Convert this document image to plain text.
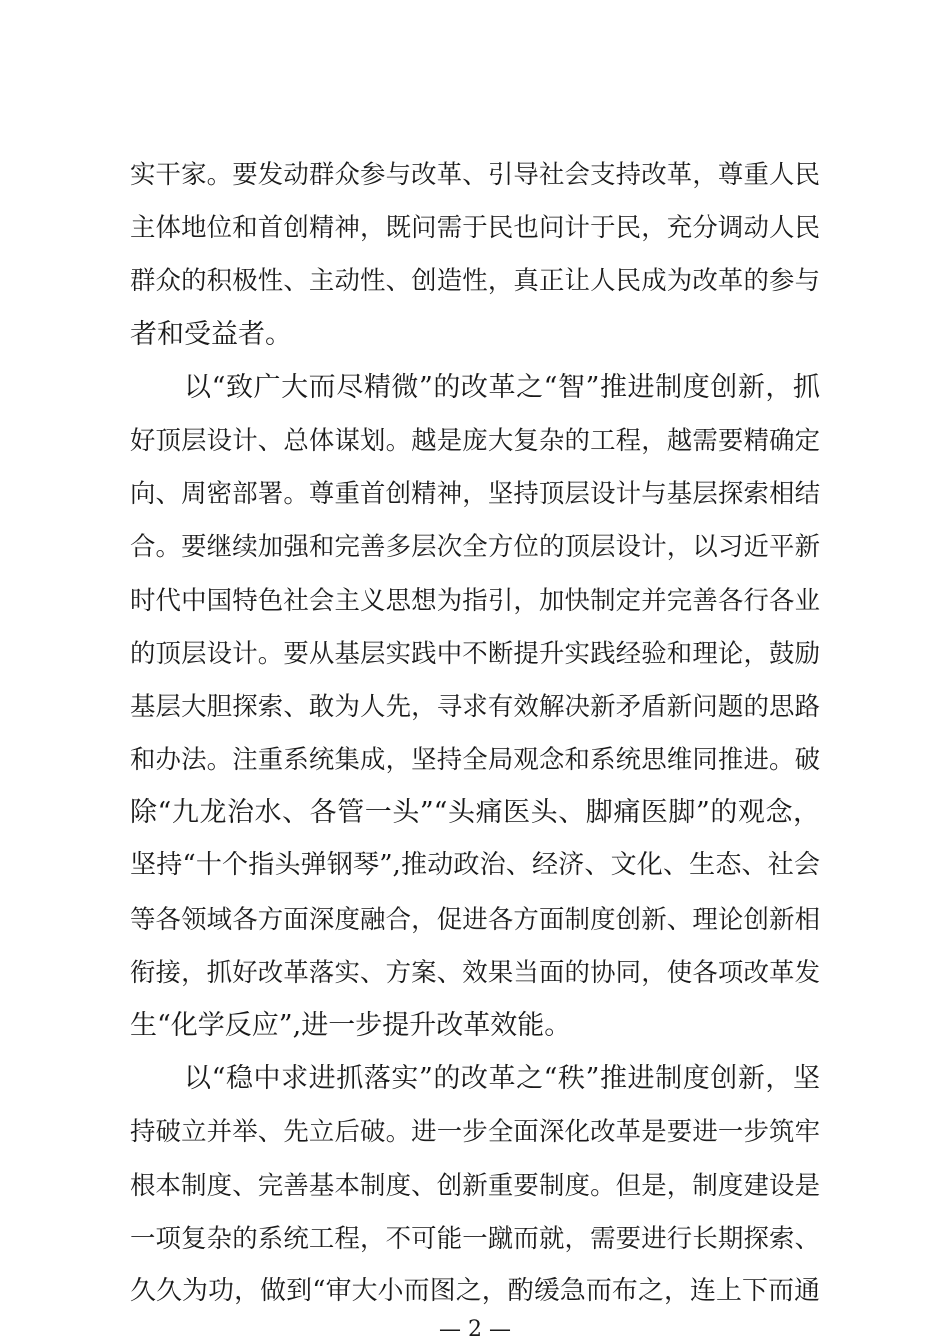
实干家。要发动群众参与改革、引导社会支持改革，尊重人民
主体地位和首创精神，既问需于民也问计于民，充分调动人民
群众的积极性、主动性、创造性，真正让人民成为改革的参与
者和受益者。
以“致广大而尽精微”的改革之“智”推进制度创新，抓
好顶层设计、总体谋划。越是庞大复杂的工程，越需要精确定
向、周密部署。尊重首创精神，坚持顶层设计与基层探索相结
合。要继续加强和完善多层次全方位的顶层设计，以习近平新
时代中国特色社会主义思想为指引，加快制定并完善各行各业
的顶层设计。要从基层实践中不断提升实践经验和理论，鼓励
基层大胆探索、敢为人先，寻求有效解决新矛盾新问题的思路
和办法。注重系统集成，坚持全局观念和系统思维同推进。破
除“九龙治水、各管一头”“头痛医头、脚痛医脚”的观念，
坚持“十个指头弹钢琴”,推动政治、经济、文化、生态、社会
等各领域各方面深度融合，促进各方面制度创新、理论创新相
衔接，抓好改革落实、方案、效果当面的协同，使各项改革发
生“化学反应”,进一步提升改革效能。
以“稳中求进抓落实”的改革之“秩”推进制度创新，坚
持破立并举、先立后破。进一步全面深化改革是要进一步筑牢
根本制度、完善基本制度、创新重要制度。但是，制度建设是
一项复杂的系统工程，不可能一蹴而就，需要进行长期探索、
久久为功，做到“审大小而图之，酌缓急而布之，连上下而通
— 2 —
